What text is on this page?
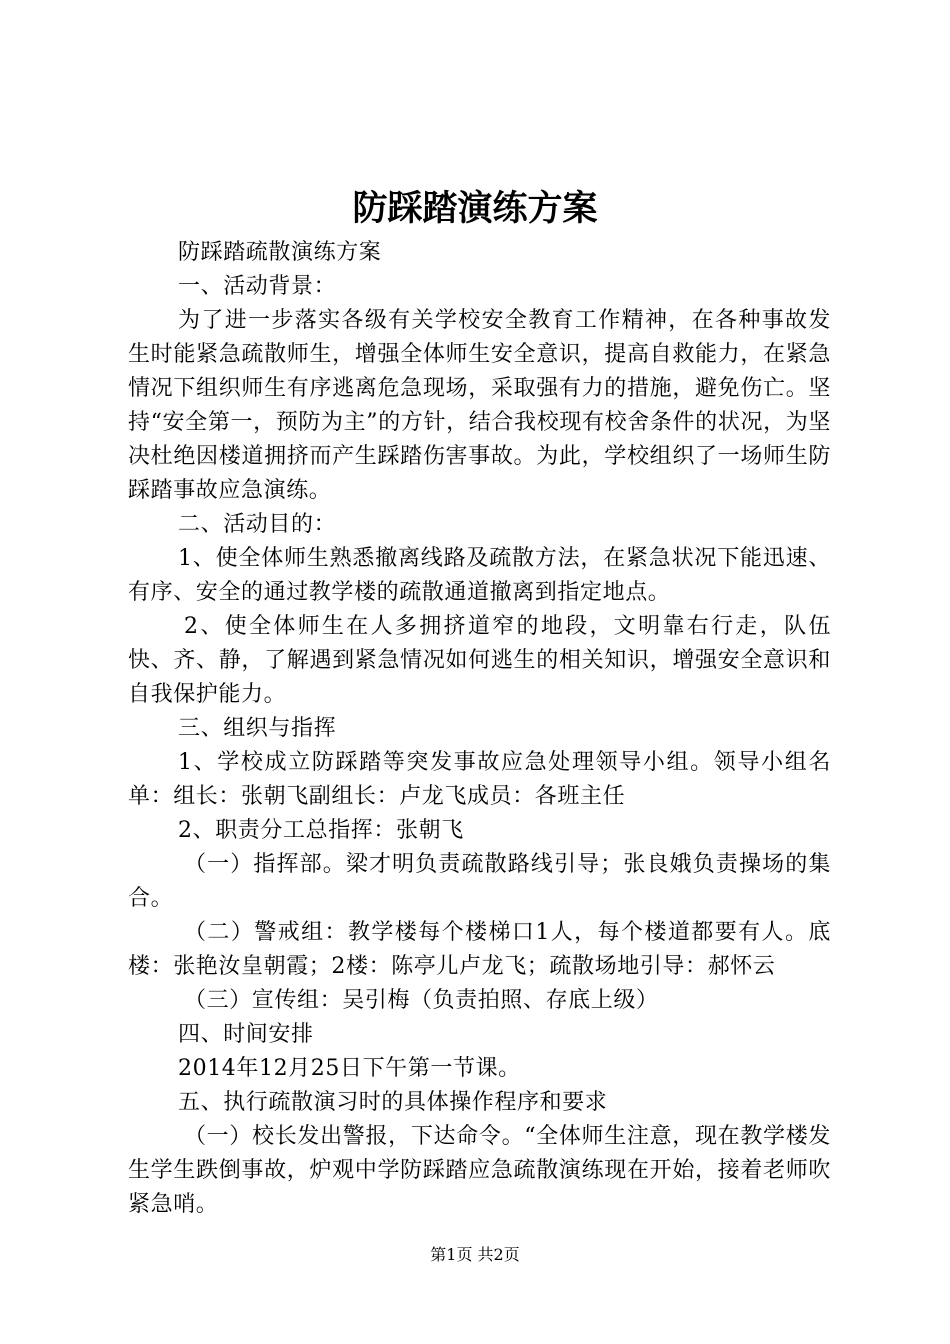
防踩踏演练方案

防踩踏疏散演练方案

一、活动背景：

为了进一步落实各级有关学校安全教育工作精神，在各种事故发生时能紧急疏散师生，增强全体师生安全意识，提高自救能力，在紧急情况下组织师生有序逃离危急现场，采取强有力的措施，避免伤亡。坚持“安全第一，预防为主”的方针，结合我校现有校舍条件的状况，为坚决杜绝因楼道拥挤而产生踩踏伤害事故。为此，学校组织了一场师生防踩踏事故应急演练。

二、活动目的：

1、使全体师生熟悉撤离线路及疏散方法，在紧急状况下能迅速、有序、安全的通过教学楼的疏散通道撤离到指定地点。

2、使全体师生在人多拥挤道窄的地段，文明靠右行走，队伍快、齐、静，了解遇到紧急情况如何逃生的相关知识，增强安全意识和自我保护能力。

三、组织与指挥

1、学校成立防踩踏等突发事故应急处理领导小组。领导小组名单：组长：张朝飞副组长：卢龙飞成员：各班主任

2、职责分工总指挥：张朝飞

（一）指挥部。梁才明负责疏散路线引导；张良娥负责操场的集合。

（二）警戒组：教学楼每个楼梯口1人，每个楼道都要有人。底楼：张艳汝皇朝霞；2楼：陈亭儿卢龙飞；疏散场地引导：郝怀云

（三）宣传组：吴引梅（负责拍照、存底上级）

四、时间安排

2014年12月25日下午第一节课。

五、执行疏散演习时的具体操作程序和要求

（一）校长发出警报，下达命令。“全体师生注意，现在教学楼发生学生跌倒事故，炉观中学防踩踏应急疏散演练现在开始，接着老师吹紧急哨。

第1页 共2页
